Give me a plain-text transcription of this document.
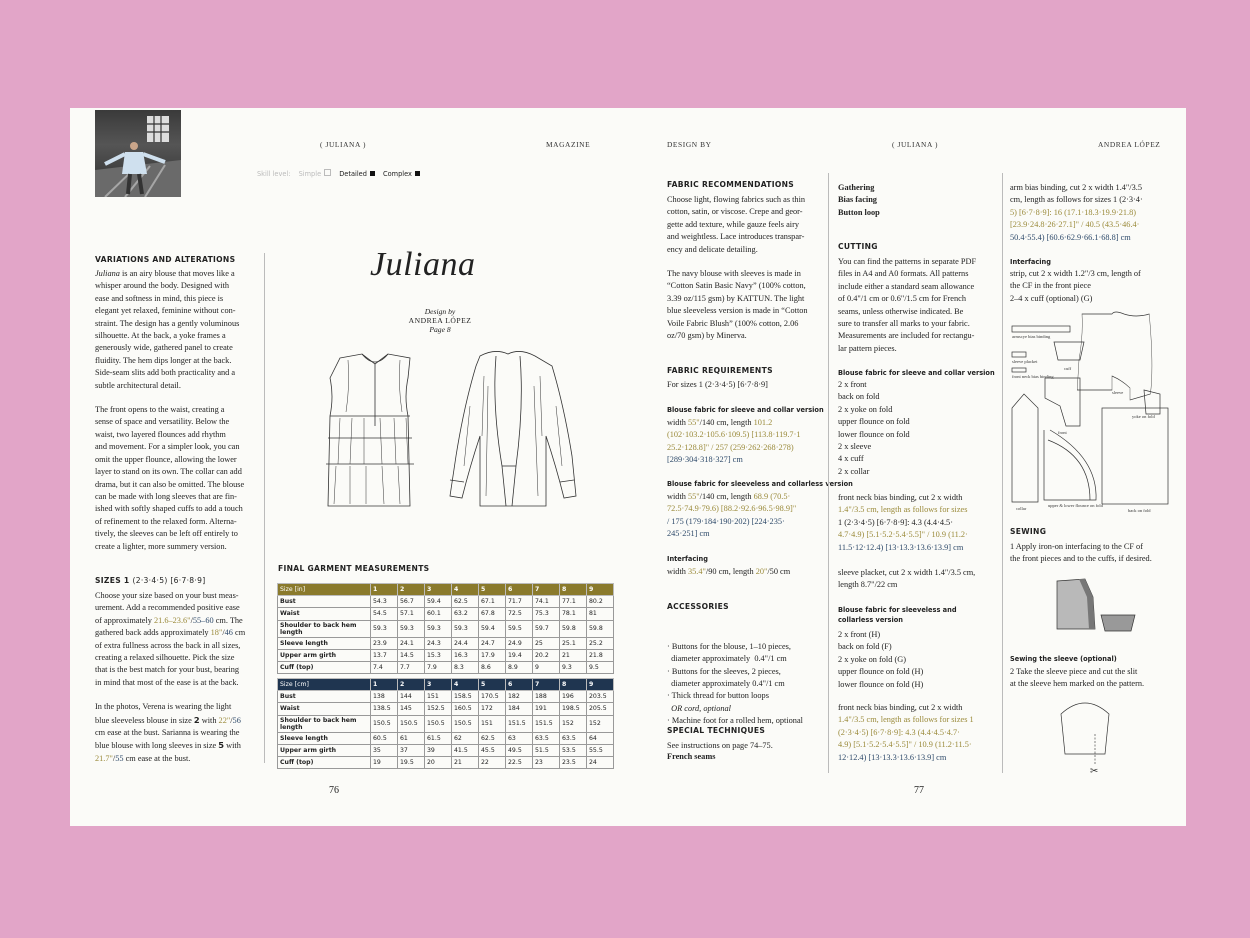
( JULIANA )	MAGAZINE	DESIGN BY	( JULIANA )	ANDREA LÓPEZ
Skill level: Simple	Detailed Complex
VARIATIONS AND ALTERATIONS
Juliana is an airy blouse that moves like a
whisper around the body. Designed with
ease and softness in mind, this piece is
elegant yet relaxed, feminine without con-
straint. The design has a gently voluminous
silhouette. At the back, a yoke frames a
generously wide, gathered panel to create
fluidity. The hem dips longer at the back.
Side-seam slits add both practicality and a
subtle architectural detail.
The front opens to the waist, creating a
sense of space and versatility. Below the
waist, two layered flounces add rhythm
and movement. For a simpler look, you can
omit the upper flounce, allowing the lower
layer to stand on its own. The collar can add
drama, but it can also be omitted. The blouse
can be made with long sleeves that are fin-
ished with softly shaped cuffs to add a touch
of refinement to the relaxed form. Alterna-
tively, the sleeves can be left off entirely to
create a lighter, more summery version.
SIZES 1 (2·3·4·5) [6·7·8·9]
Choose your size based on your bust meas-
urement. Add a recommended positive ease
of approximately 21.6–23.6"/55–60 cm. The
gathered back adds approximately 18"/46 cm
of extra fullness across the back in all sizes,
creating a relaxed silhouette. Pick the size
that is the best match for your bust, bearing
in mind that most of the ease is at the back.
In the photos, Verena is wearing the light
blue sleeveless blouse in size 2 with 22"/56
cm ease at the bust. Sarianna is wearing the
blue blouse with long sleeves in size 5 with
21.7"/55 cm ease at the bust.
Juliana
Design by
ANDREA LÓPEZ
Page 8
FINAL GARMENT MEASUREMENTS
Size [in]	1	2	3	4	5	6	7	8	9
Bust	54.3	56.7	59.4	62.5	67.1	71.7	74.1	77.1	80.2
Waist	54.5	57.1	60.1	63.2	67.8	72.5	75.3	78.1	81
Shoulder to back hem length	59.3	59.3	59.3	59.3	59.4	59.5	59.7	59.8	59.8
Sleeve length	23.9	24.1	24.3	24.4	24.7	24.9	25	25.1	25.2
Upper arm girth	13.7	14.5	15.3	16.3	17.9	19.4	20.2	21	21.8
Cuff (top)	7.4	7.7	7.9	8.3	8.6	8.9	9	9.3	9.5
Size [cm]	1	2	3	4	5	6	7	8	9
Bust	138	144	151	158.5	170.5	182	188	196	203.5
Waist	138.5	145	152.5	160.5	172	184	191	198.5	205.5
Shoulder to back hem length	150.5	150.5	150.5	150.5	151	151.5	151.5	152	152
Sleeve length	60.5	61	61.5	62	62.5	63	63.5	63.5	64
Upper arm girth	35	37	39	41.5	45.5	49.5	51.5	53.5	55.5
Cuff (top)	19	19.5	20	21	22	22.5	23	23.5	24
76	77
FABRIC RECOMMENDATIONS
Choose light, flowing fabrics such as thin
cotton, satin, or viscose. Crepe and geor-
gette add texture, while gauze feels airy
and weightless. Lace introduces transpar-
ency and delicate detailing.
The navy blouse with sleeves is made in
“Cotton Satin Basic Navy” (100% cotton,
3.39 oz/115 gsm) by KATTUN. The light
blue sleeveless version is made in “Cotton
Voile Fabric Blush” (100% cotton, 2.06
oz/70 gsm) by Minerva.
FABRIC REQUIREMENTS
For sizes 1 (2·3·4·5) [6·7·8·9]
Blouse fabric for sleeve and collar version
width 55"/140 cm, length 101.2
(102·103.2·105.6·109.5) [113.8·119.7·1
25.2·128.8]" / 257 (259·262·268·278)
[289·304·318·327] cm
Blouse fabric for sleeveless and collarless version
width 55"/140 cm, length 68.9 (70.5·
72.5·74.9·79.6) [88.2·92.6·96.5·98.9]"
/ 175 (179·184·190·202) [224·235·
245·251] cm
Interfacing
width 35.4"/90 cm, length 20"/50 cm
ACCESSORIES

· Buttons for the blouse, 1–10 pieces,
diameter approximately  0.4"/1 cm
· Buttons for the sleeves, 2 pieces,
diameter approximately 0.4"/1 cm
· Thick thread for button loops
OR cord, optional
· Machine foot for a rolled hem, optional

SPECIAL TECHNIQUES
See instructions on page 74–75.
French seams
Gathering
Bias facing
Button loop
CUTTING
You can find the patterns in separate PDF
files in A4 and A0 formats. All patterns
include either a standard seam allowance
of 0.4"/1 cm or 0.6"/1.5 cm for French
seams, unless otherwise indicated. Be
sure to transfer all marks to your fabric.
Measurements are included for rectangu-
lar pattern pieces.
Blouse fabric for sleeve and collar version
2 x front
back on fold
2 x yoke on fold
upper flounce on fold
lower flounce on fold
2 x sleeve
4 x cuff
2 x collar
front neck bias binding, cut 2 x width
1.4"/3.5 cm, length as follows for sizes
1 (2·3·4·5) [6·7·8·9]: 4.3 (4.4·4.5·
4.7·4.9) [5.1·5.2·5.4·5.5]" / 10.9 (11.2·
11.5·12·12.4) [13·13.3·13.6·13.9] cm
sleeve placket, cut 2 x width 1.4"/3.5 cm,
length 8.7"/22 cm
Blouse fabric for sleeveless and collarless version
2 x front (H)
back on fold (F)
2 x yoke on fold (G)
upper flounce on fold (H)
lower flounce on fold (H)
front neck bias binding, cut 2 x width
1.4"/3.5 cm, length as follows for sizes 1
(2·3·4·5) [6·7·8·9]: 4.3 (4.4·4.5·4.7·
4.9) [5.1·5.2·5.4·5.5]" / 10.9 (11.2·11.5·
12·12.4) [13·13.3·13.6·13.9] cm
arm bias binding, cut 2 x width 1.4"/3.5
cm, length as follows for sizes 1 (2·3·4·
5) [6·7·8·9]: 16 (17.1·18.3·19.9·21.8)
[23.9·24.8·26·27.1]" / 40.5 (43.5·46.4·
50.4·55.4) [60.6·62.9·66.1·68.8] cm
Interfacing
strip, cut 2 x width 1.2"/3 cm, length of
the CF in the front piece
2–4 x cuff (optional) (G)
armscye bias binding
sleeve placket
cuff
front neck bias binding
sleeve
yoke on fold
collar
front
upper & lower flounce on fold
back on fold
SEWING
1 Apply iron-on interfacing to the CF of
the front pieces and to the cuffs, if desired.
Sewing the sleeve (optional)
2 Take the sleeve piece and cut the slit
at the sleeve hem marked on the pattern.
✂
